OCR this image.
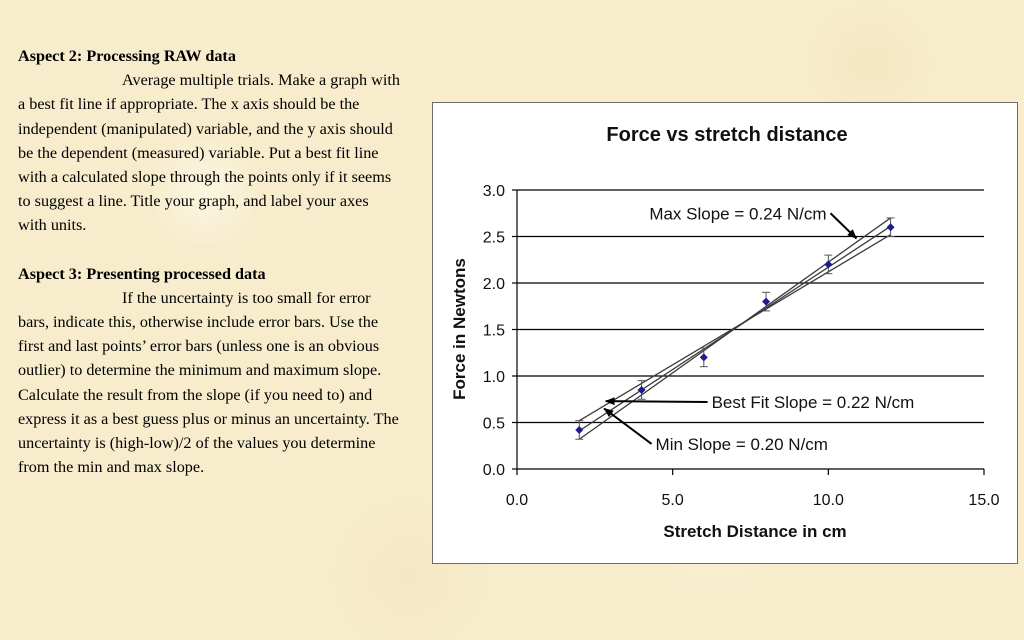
Aspect 2: Processing RAW data

Average multiple trials. Make a graph with a best fit line if appropriate. The x axis should be the independent (manipulated) variable, and the y axis should be the dependent (measured) variable. Put a best fit line with a calculated slope through the points only if it seems to suggest a line. Title your graph, and label your axes with units.

Aspect 3: Presenting processed data

If the uncertainty is too small for error bars, indicate this, otherwise include error bars. Use the first and last points’ error bars (unless one is an obvious outlier) to determine the minimum and maximum slope. Calculate the result from the slope (if you need to) and express it as a best guess plus or minus an uncertainty. The uncertainty is (high-low)/2 of the values you determine from the min and max slope.

Force vs stretch distance
Force in Newtons
Stretch Distance in cm
0.0
0.5
1.0
1.5
2.0
2.5
3.0
0.0	5.0	10.0	15.0
Max Slope = 0.24 N/cm
Best Fit Slope = 0.22 N/cm
Min Slope = 0.20 N/cm
